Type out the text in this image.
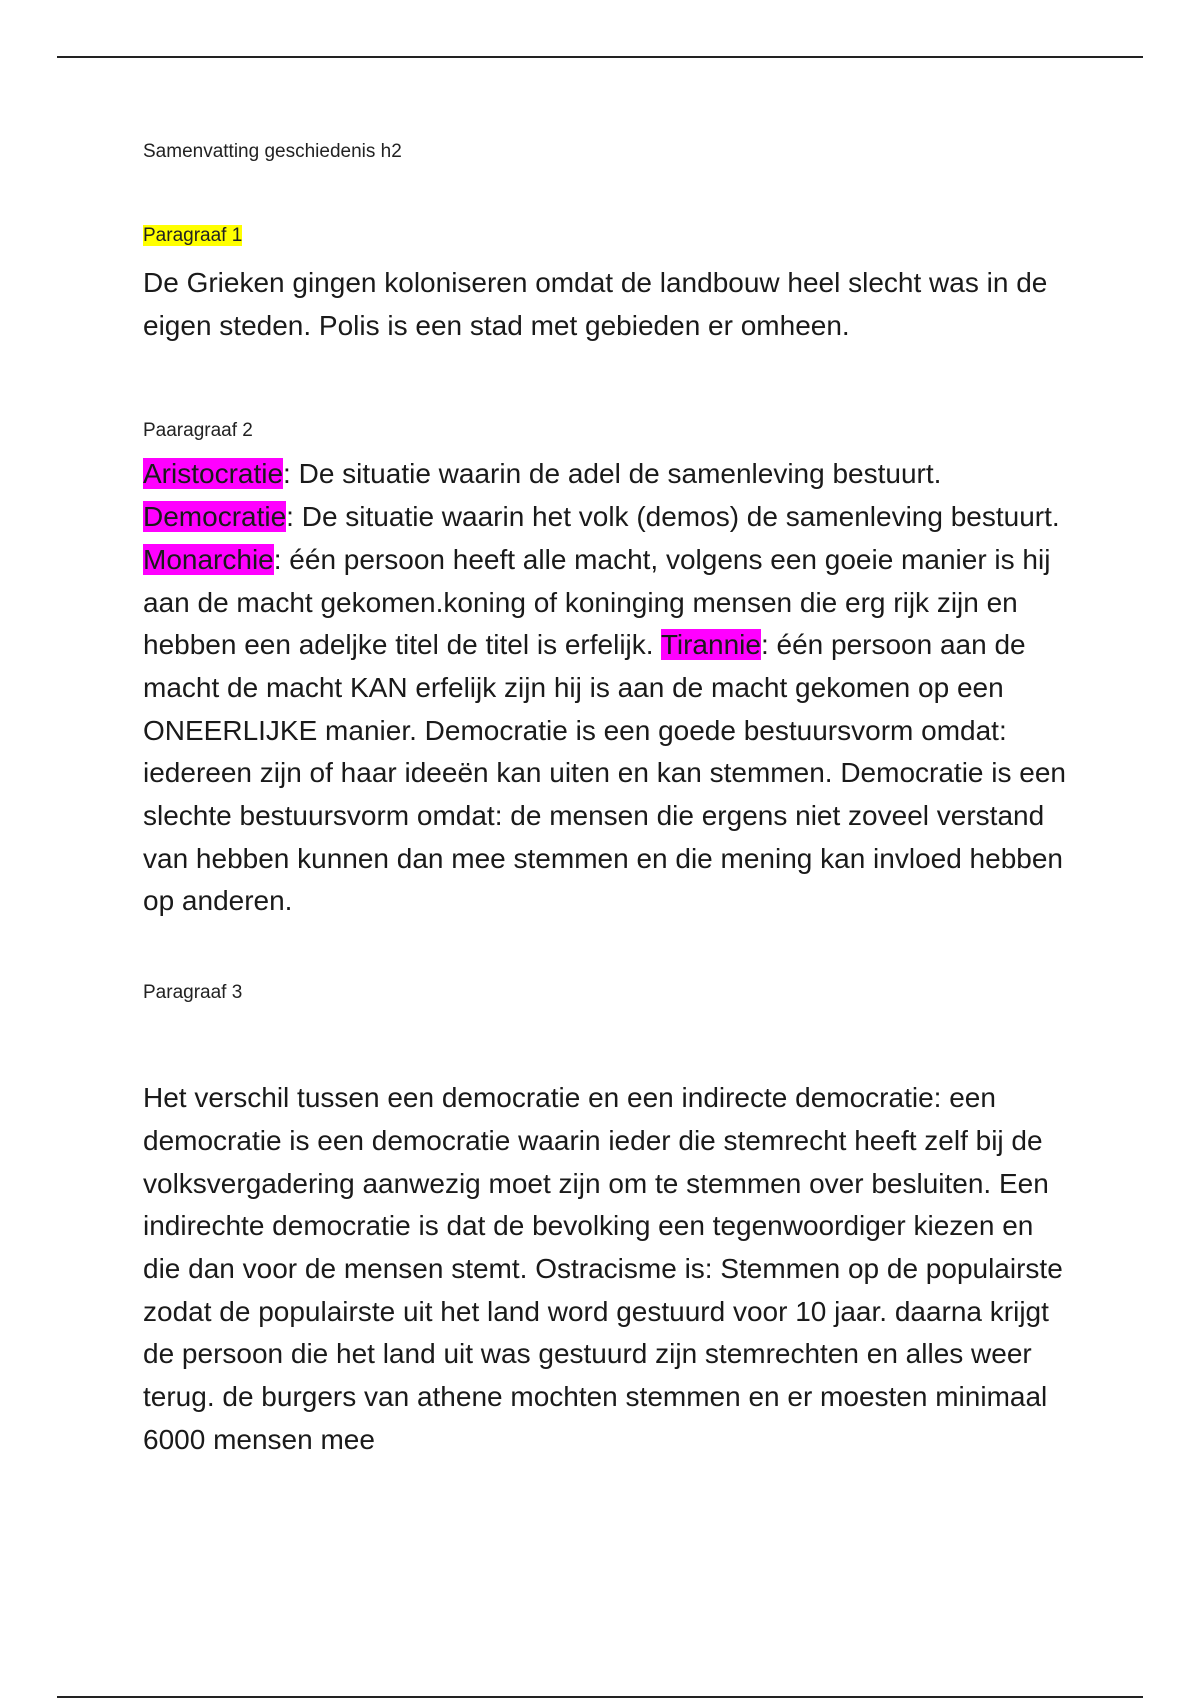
Samenvatting geschiedenis h2

Paragraaf 1

De Grieken gingen koloniseren omdat de landbouw heel slecht was in de eigen steden. Polis is een stad met gebieden er omheen.

Paaragraaf 2

Aristocratie: De situatie waarin de adel de samenleving bestuurt. Democratie: De situatie waarin het volk (demos) de samenleving bestuurt. Monarchie: één persoon heeft alle macht, volgens een goeie manier is hij aan de macht gekomen.koning of koninging mensen die erg rijk zijn en hebben een adeljke titel de titel is erfelijk. Tirannie: één persoon aan de macht de macht KAN erfelijk zijn hij is aan de macht gekomen op een ONEERLIJKE manier. Democratie is een goede bestuursvorm omdat: iedereen zijn of haar ideeën kan uiten en kan stemmen. Democratie is een slechte bestuursvorm omdat: de mensen die ergens niet zoveel verstand van hebben kunnen dan mee stemmen en die mening kan invloed hebben op anderen.

Paragraaf 3

Het verschil tussen een democratie en een indirecte democratie: een democratie is een democratie waarin ieder die stemrecht heeft zelf bij de volksvergadering aanwezig moet zijn om te stemmen over besluiten. Een indirechte democratie is dat de bevolking een tegenwoordiger kiezen en die dan voor de mensen stemt. Ostracisme is: Stemmen op de populairste zodat de populairste uit het land word gestuurd voor 10 jaar. daarna krijgt de persoon die het land uit was gestuurd zijn stemrechten en alles weer terug. de burgers van athene mochten stemmen en er moesten minimaal 6000 mensen mee
